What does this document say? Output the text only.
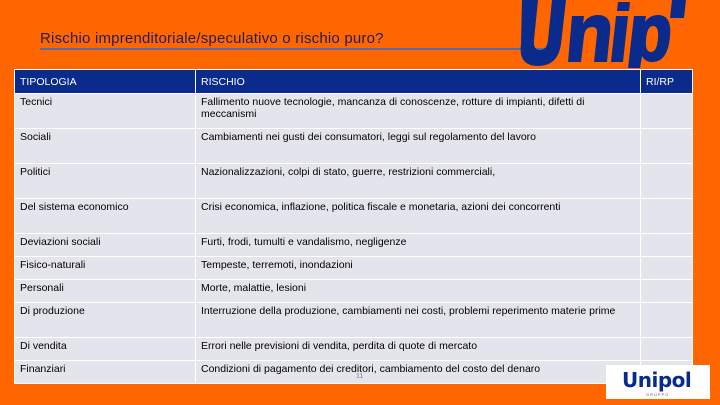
Rischio imprenditoriale/speculativo o rischio puro?
TIPOLOGIA	RISCHIO	RI/RP
Tecnici	Fallimento nuove tecnologie, mancanza di conoscenze, rotture di impianti, difetti di meccanismi	
Sociali	Cambiamenti nei gusti dei consumatori, leggi sul regolamento del lavoro	
Politici	Nazionalizzazioni, colpi di stato, guerre, restrizioni commerciali,	
Del sistema economico	Crisi economica, inflazione, politica fiscale e monetaria, azioni dei concorrenti	
Deviazioni sociali	Furti, frodi, tumulti e vandalismo, negligenze	
Fisico-naturali	Tempeste, terremoti, inondazioni	
Personali	Morte, malattie, lesioni	
Di produzione	Interruzione della produzione, cambiamenti nei costi, problemi reperimento materie prime	
Di vendita	Errori nelle previsioni di vendita, perdita di quote di mercato	
Finanziari	Condizioni di pagamento dei creditori, cambiamento del costo del denaro	
11	Unipol
GRUPPO
